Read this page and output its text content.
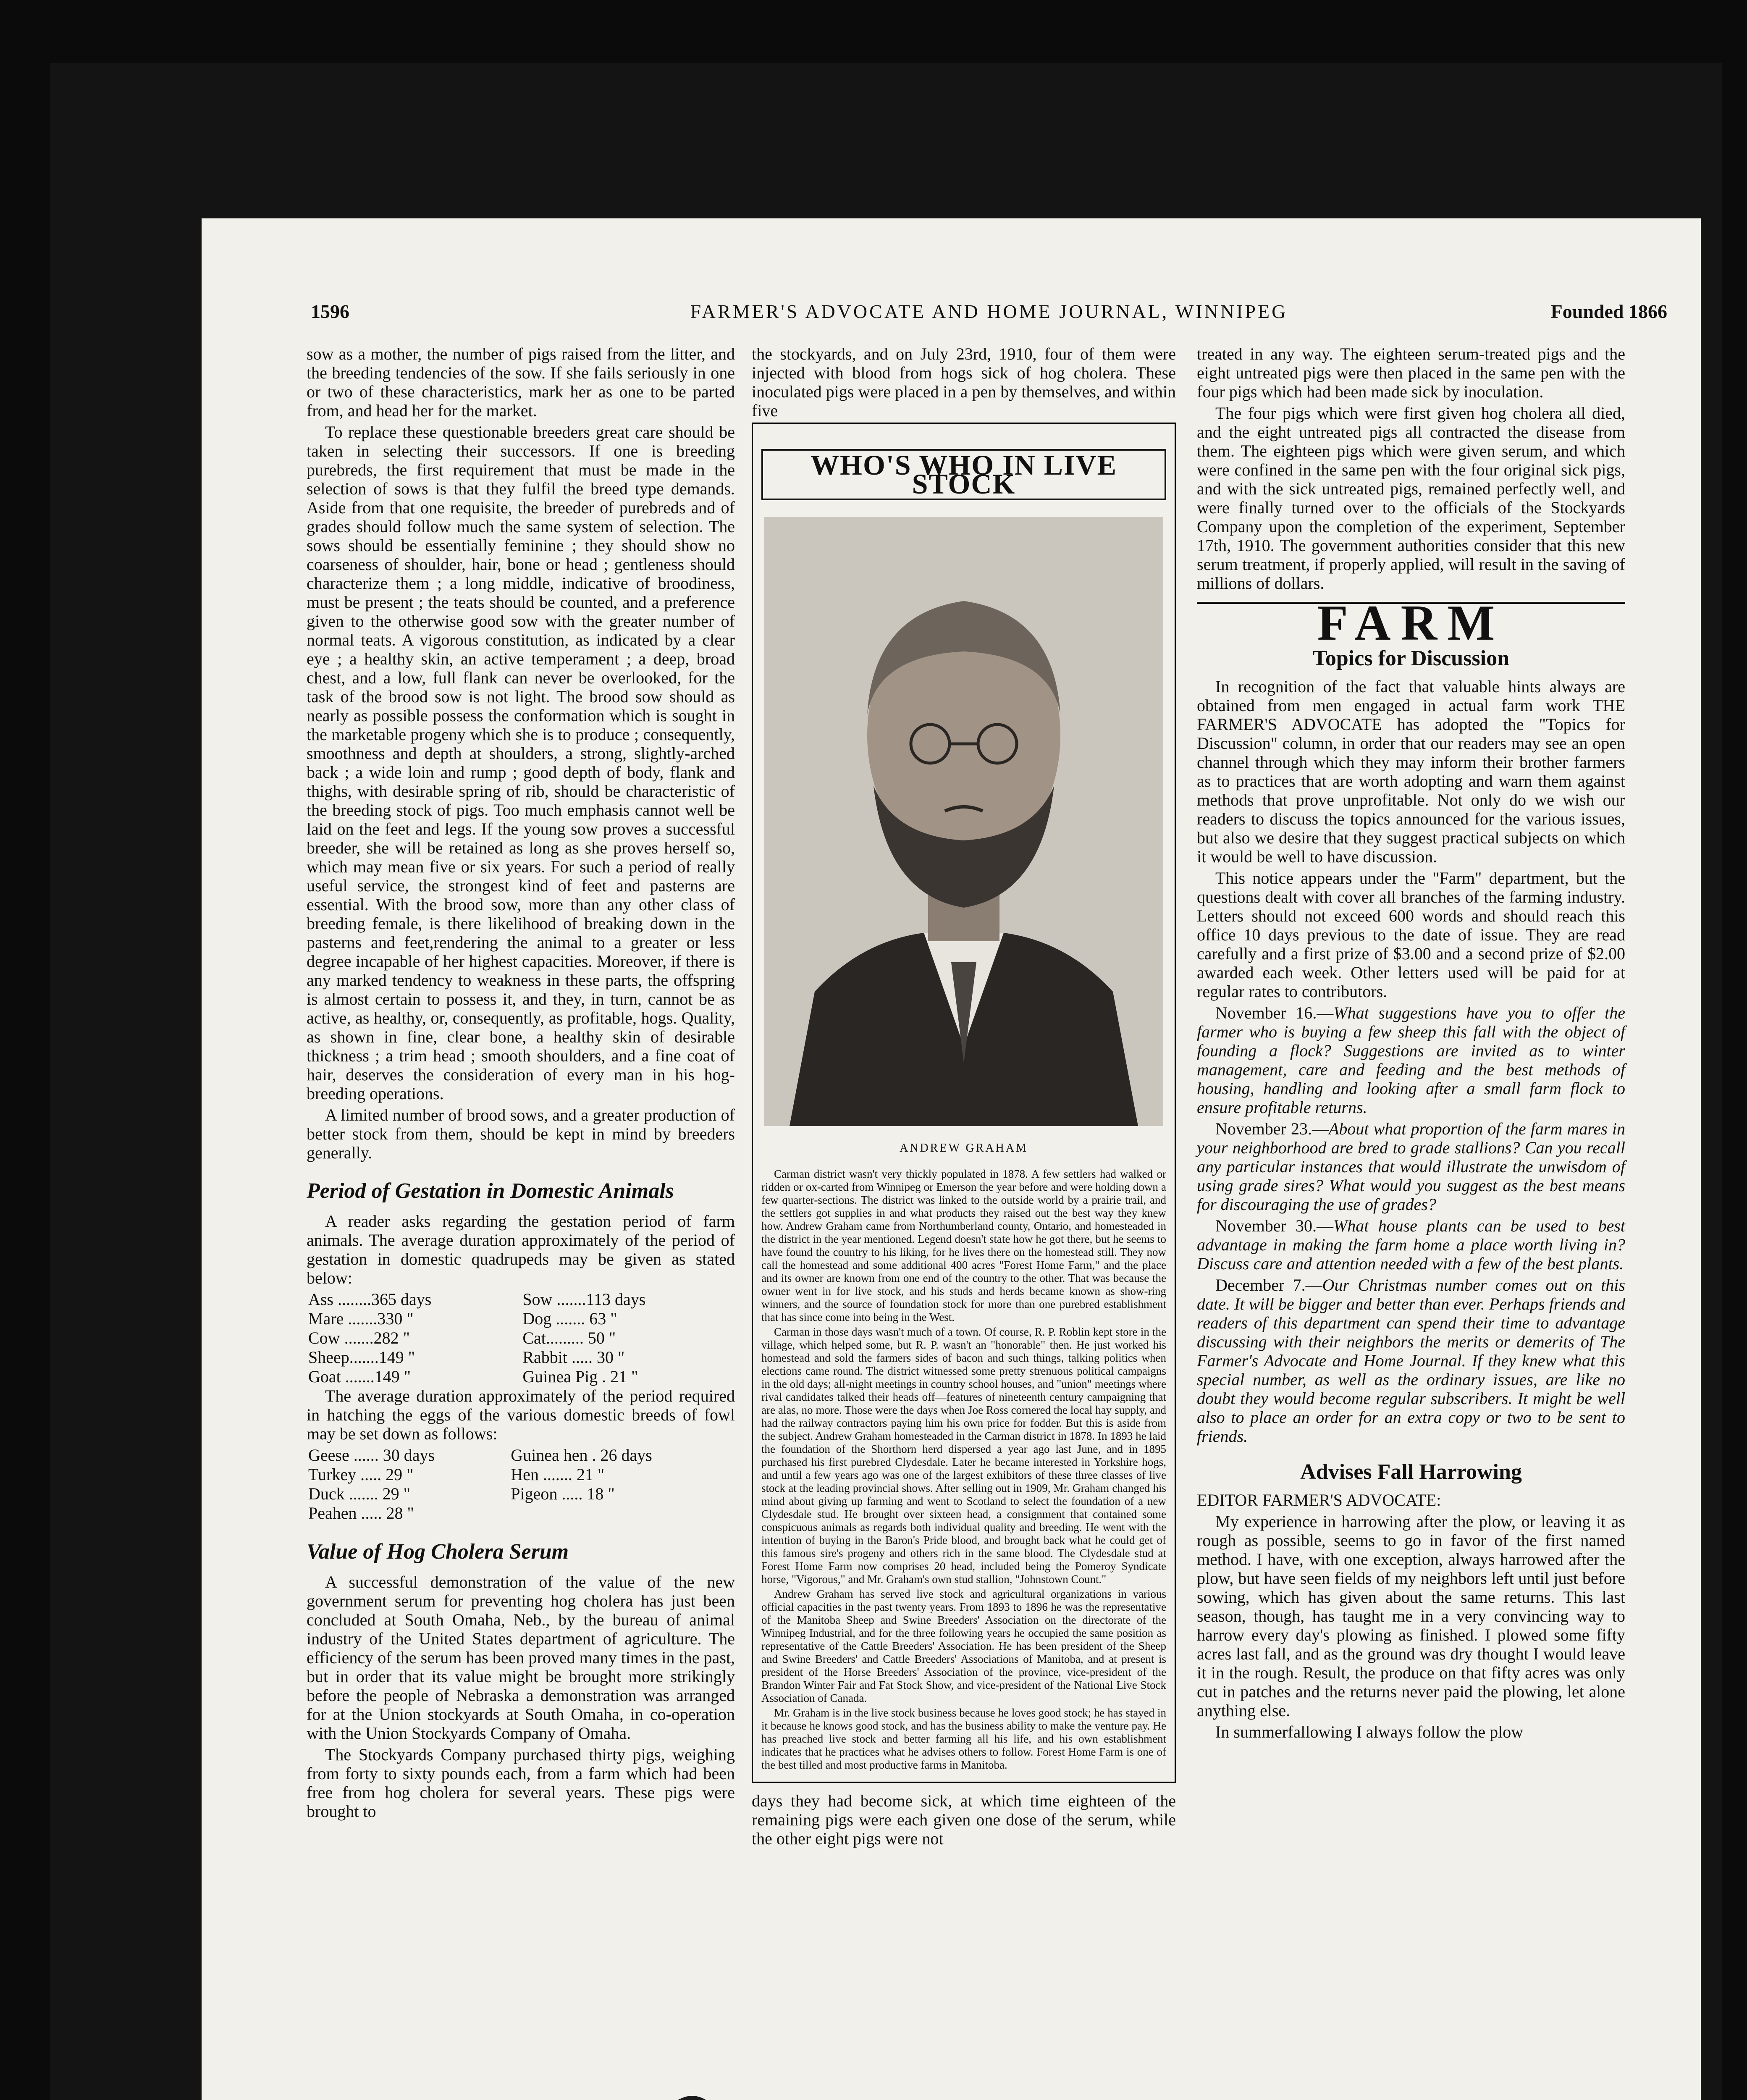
1596	FARMER'S ADVOCATE AND HOME JOURNAL, WINNIPEG	Founded 1866

sow as a mother, the number of pigs raised from the litter, and the breeding tendencies of the sow. If she fails seriously in one or two of these characteristics, mark her as one to be parted from, and head her for the market.

To replace these questionable breeders great care should be taken in selecting their successors. If one is breeding purebreds, the first requirement that must be made in the selection of sows is that they fulfil the breed type demands. Aside from that one requisite, the breeder of purebreds and of grades should follow much the same system of selection. The sows should be essentially feminine ; they should show no coarseness of shoulder, hair, bone or head ; gentleness should characterize them ; a long middle, indicative of broodiness, must be present ; the teats should be counted, and a preference given to the otherwise good sow with the greater number of normal teats. A vigorous constitution, as indicated by a clear eye ; a healthy skin, an active temperament ; a deep, broad chest, and a low, full flank can never be overlooked, for the task of the brood sow is not light. The brood sow should as nearly as possible possess the conformation which is sought in the marketable progeny which she is to produce ; consequently, smoothness and depth at shoulders, a strong, slightly-arched back ; a wide loin and rump ; good depth of body, flank and thighs, with desirable spring of rib, should be characteristic of the breeding stock of pigs. Too much emphasis cannot well be laid on the feet and legs. If the young sow proves a successful breeder, she will be retained as long as she proves herself so, which may mean five or six years. For such a period of really useful service, the strongest kind of feet and pasterns are essential. With the brood sow, more than any other class of breeding female, is there likelihood of breaking down in the pasterns and feet,rendering the animal to a greater or less degree incapable of her highest capacities. Moreover, if there is any marked tendency to weakness in these parts, the offspring is almost certain to possess it, and they, in turn, cannot be as active, as healthy, or, consequently, as profitable, hogs. Quality, as shown in fine, clear bone, a healthy skin of desirable thickness ; a trim head ; smooth shoulders, and a fine coat of hair, deserves the consideration of every man in his hog-breeding operations.

A limited number of brood sows, and a greater production of better stock from them, should be kept in mind by breeders generally.

Period of Gestation in Domestic Animals

A reader asks regarding the gestation period of farm animals. The average duration approximately of the period of gestation in domestic quadrupeds may be given as stated below:

Ass ........365 days	Sow .......113 days
Mare .......330 "	Dog ....... 63 "
Cow .......282 "	Cat......... 50 "
Sheep.......149 "	Rabbit ..... 30 "
Goat .......149 "	Guinea Pig . 21 "

The average duration approximately of the period required in hatching the eggs of the various domestic breeds of fowl may be set down as follows:

Geese ...... 30 days	Guinea hen . 26 days
Turkey ..... 29 "	Hen ....... 21 "
Duck ....... 29 "	Pigeon ..... 18 "
Peahen ..... 28 "	
Value of Hog Cholera Serum

A successful demonstration of the value of the new government serum for preventing hog cholera has just been concluded at South Omaha, Neb., by the bureau of animal industry of the United States department of agriculture. The efficiency of the serum has been proved many times in the past, but in order that its value might be brought more strikingly before the people of Nebraska a demonstration was arranged for at the Union stockyards at South Omaha, in co-operation with the Union Stockyards Company of Omaha.

The Stockyards Company purchased thirty pigs, weighing from forty to sixty pounds each, from a farm which had been free from hog cholera for several years. These pigs were brought to

the stockyards, and on July 23rd, 1910, four of them were injected with blood from hogs sick of hog cholera. These inoculated pigs were placed in a pen by themselves, and within five

WHO'S WHO IN LIVE STOCK
ANDREW GRAHAM

Carman district wasn't very thickly populated in 1878. A few settlers had walked or ridden or ox-carted from Winnipeg or Emerson the year before and were holding down a few quarter-sections. The district was linked to the outside world by a prairie trail, and the settlers got supplies in and what products they raised out the best way they knew how. Andrew Graham came from Northumberland county, Ontario, and homesteaded in the district in the year mentioned. Legend doesn't state how he got there, but he seems to have found the country to his liking, for he lives there on the homestead still. They now call the homestead and some additional 400 acres "Forest Home Farm," and the place and its owner are known from one end of the country to the other. That was because the owner went in for live stock, and his studs and herds became known as show-ring winners, and the source of foundation stock for more than one purebred establishment that has since come into being in the West.

Carman in those days wasn't much of a town. Of course, R. P. Roblin kept store in the village, which helped some, but R. P. wasn't an "honorable" then. He just worked his homestead and sold the farmers sides of bacon and such things, talking politics when elections came round. The district witnessed some pretty strenuous political campaigns in the old days; all-night meetings in country school houses, and "union" meetings where rival candidates talked their heads off—features of nineteenth century campaigning that are alas, no more. Those were the days when Joe Ross cornered the local hay supply, and had the railway contractors paying him his own price for fodder. But this is aside from the subject. Andrew Graham homesteaded in the Carman district in 1878. In 1893 he laid the foundation of the Shorthorn herd dispersed a year ago last June, and in 1895 purchased his first purebred Clydesdale. Later he became interested in Yorkshire hogs, and until a few years ago was one of the largest exhibitors of these three classes of live stock at the leading provincial shows. After selling out in 1909, Mr. Graham changed his mind about giving up farming and went to Scotland to select the foundation of a new Clydesdale stud. He brought over sixteen head, a consignment that contained some conspicuous animals as regards both individual quality and breeding. He went with the intention of buying in the Baron's Pride blood, and brought back what he could get of this famous sire's progeny and others rich in the same blood. The Clydesdale stud at Forest Home Farm now comprises 20 head, included being the Pomeroy Syndicate horse, "Vigorous," and Mr. Graham's own stud stallion, "Johnstown Count."

Andrew Graham has served live stock and agricultural organizations in various official capacities in the past twenty years. From 1893 to 1896 he was the representative of the Manitoba Sheep and Swine Breeders' Association on the directorate of the Winnipeg Industrial, and for the three following years he occupied the same position as representative of the Cattle Breeders' Association. He has been president of the Sheep and Swine Breeders' and Cattle Breeders' Associations of Manitoba, and at present is president of the Horse Breeders' Association of the province, vice-president of the Brandon Winter Fair and Fat Stock Show, and vice-president of the National Live Stock Association of Canada.

Mr. Graham is in the live stock business because he loves good stock; he has stayed in it because he knows good stock, and has the business ability to make the venture pay. He has preached live stock and better farming all his life, and his own establishment indicates that he practices what he advises others to follow. Forest Home Farm is one of the best tilled and most productive farms in Manitoba.

days they had become sick, at which time eighteen of the remaining pigs were each given one dose of the serum, while the other eight pigs were not

treated in any way. The eighteen serum-treated pigs and the eight untreated pigs were then placed in the same pen with the four pigs which had been made sick by inoculation.

The four pigs which were first given hog cholera all died, and the eight untreated pigs all contracted the disease from them. The eighteen pigs which were given serum, and which were confined in the same pen with the four original sick pigs, and with the sick untreated pigs, remained perfectly well, and were finally turned over to the officials of the Stockyards Company upon the completion of the experiment, September 17th, 1910. The government authorities consider that this new serum treatment, if properly applied, will result in the saving of millions of dollars.

FARM
Topics for Discussion

In recognition of the fact that valuable hints always are obtained from men engaged in actual farm work THE FARMER'S ADVOCATE has adopted the "Topics for Discussion" column, in order that our readers may see an open channel through which they may inform their brother farmers as to practices that are worth adopting and warn them against methods that prove unprofitable. Not only do we wish our readers to discuss the topics announced for the various issues, but also we desire that they suggest practical subjects on which it would be well to have discussion.

This notice appears under the "Farm" department, but the questions dealt with cover all branches of the farming industry. Letters should not exceed 600 words and should reach this office 10 days previous to the date of issue. They are read carefully and a first prize of $3.00 and a second prize of $2.00 awarded each week. Other letters used will be paid for at regular rates to contributors.

November 16.—What suggestions have you to offer the farmer who is buying a few sheep this fall with the object of founding a flock? Suggestions are invited as to winter management, care and feeding and the best methods of housing, handling and looking after a small farm flock to ensure profitable returns.

November 23.—About what proportion of the farm mares in your neighborhood are bred to grade stallions? Can you recall any particular instances that would illustrate the unwisdom of using grade sires? What would you suggest as the best means for discouraging the use of grades?

November 30.—What house plants can be used to best advantage in making the farm home a place worth living in? Discuss care and attention needed with a few of the best plants.

December 7.—Our Christmas number comes out on this date. It will be bigger and better than ever. Perhaps friends and readers of this department can spend their time to advantage discussing with their neighbors the merits or demerits of The Farmer's Advocate and Home Journal. If they knew what this special number, as well as the ordinary issues, are like no doubt they would become regular subscribers. It might be well also to place an order for an extra copy or two to be sent to friends.

Advises Fall Harrowing

EDITOR FARMER'S ADVOCATE:

My experience in harrowing after the plow, or leaving it as rough as possible, seems to go in favor of the first named method. I have, with one exception, always harrowed after the plow, but have seen fields of my neighbors left until just before sowing, which has given about the same returns. This last season, though, has taught me in a very convincing way to harrow every day's plowing as finished. I plowed some fifty acres last fall, and as the ground was dry thought I would leave it in the rough. Result, the produce on that fifty acres was only cut in patches and the returns never paid the plowing, let alone anything else.

In summerfallowing I always follow the plow
